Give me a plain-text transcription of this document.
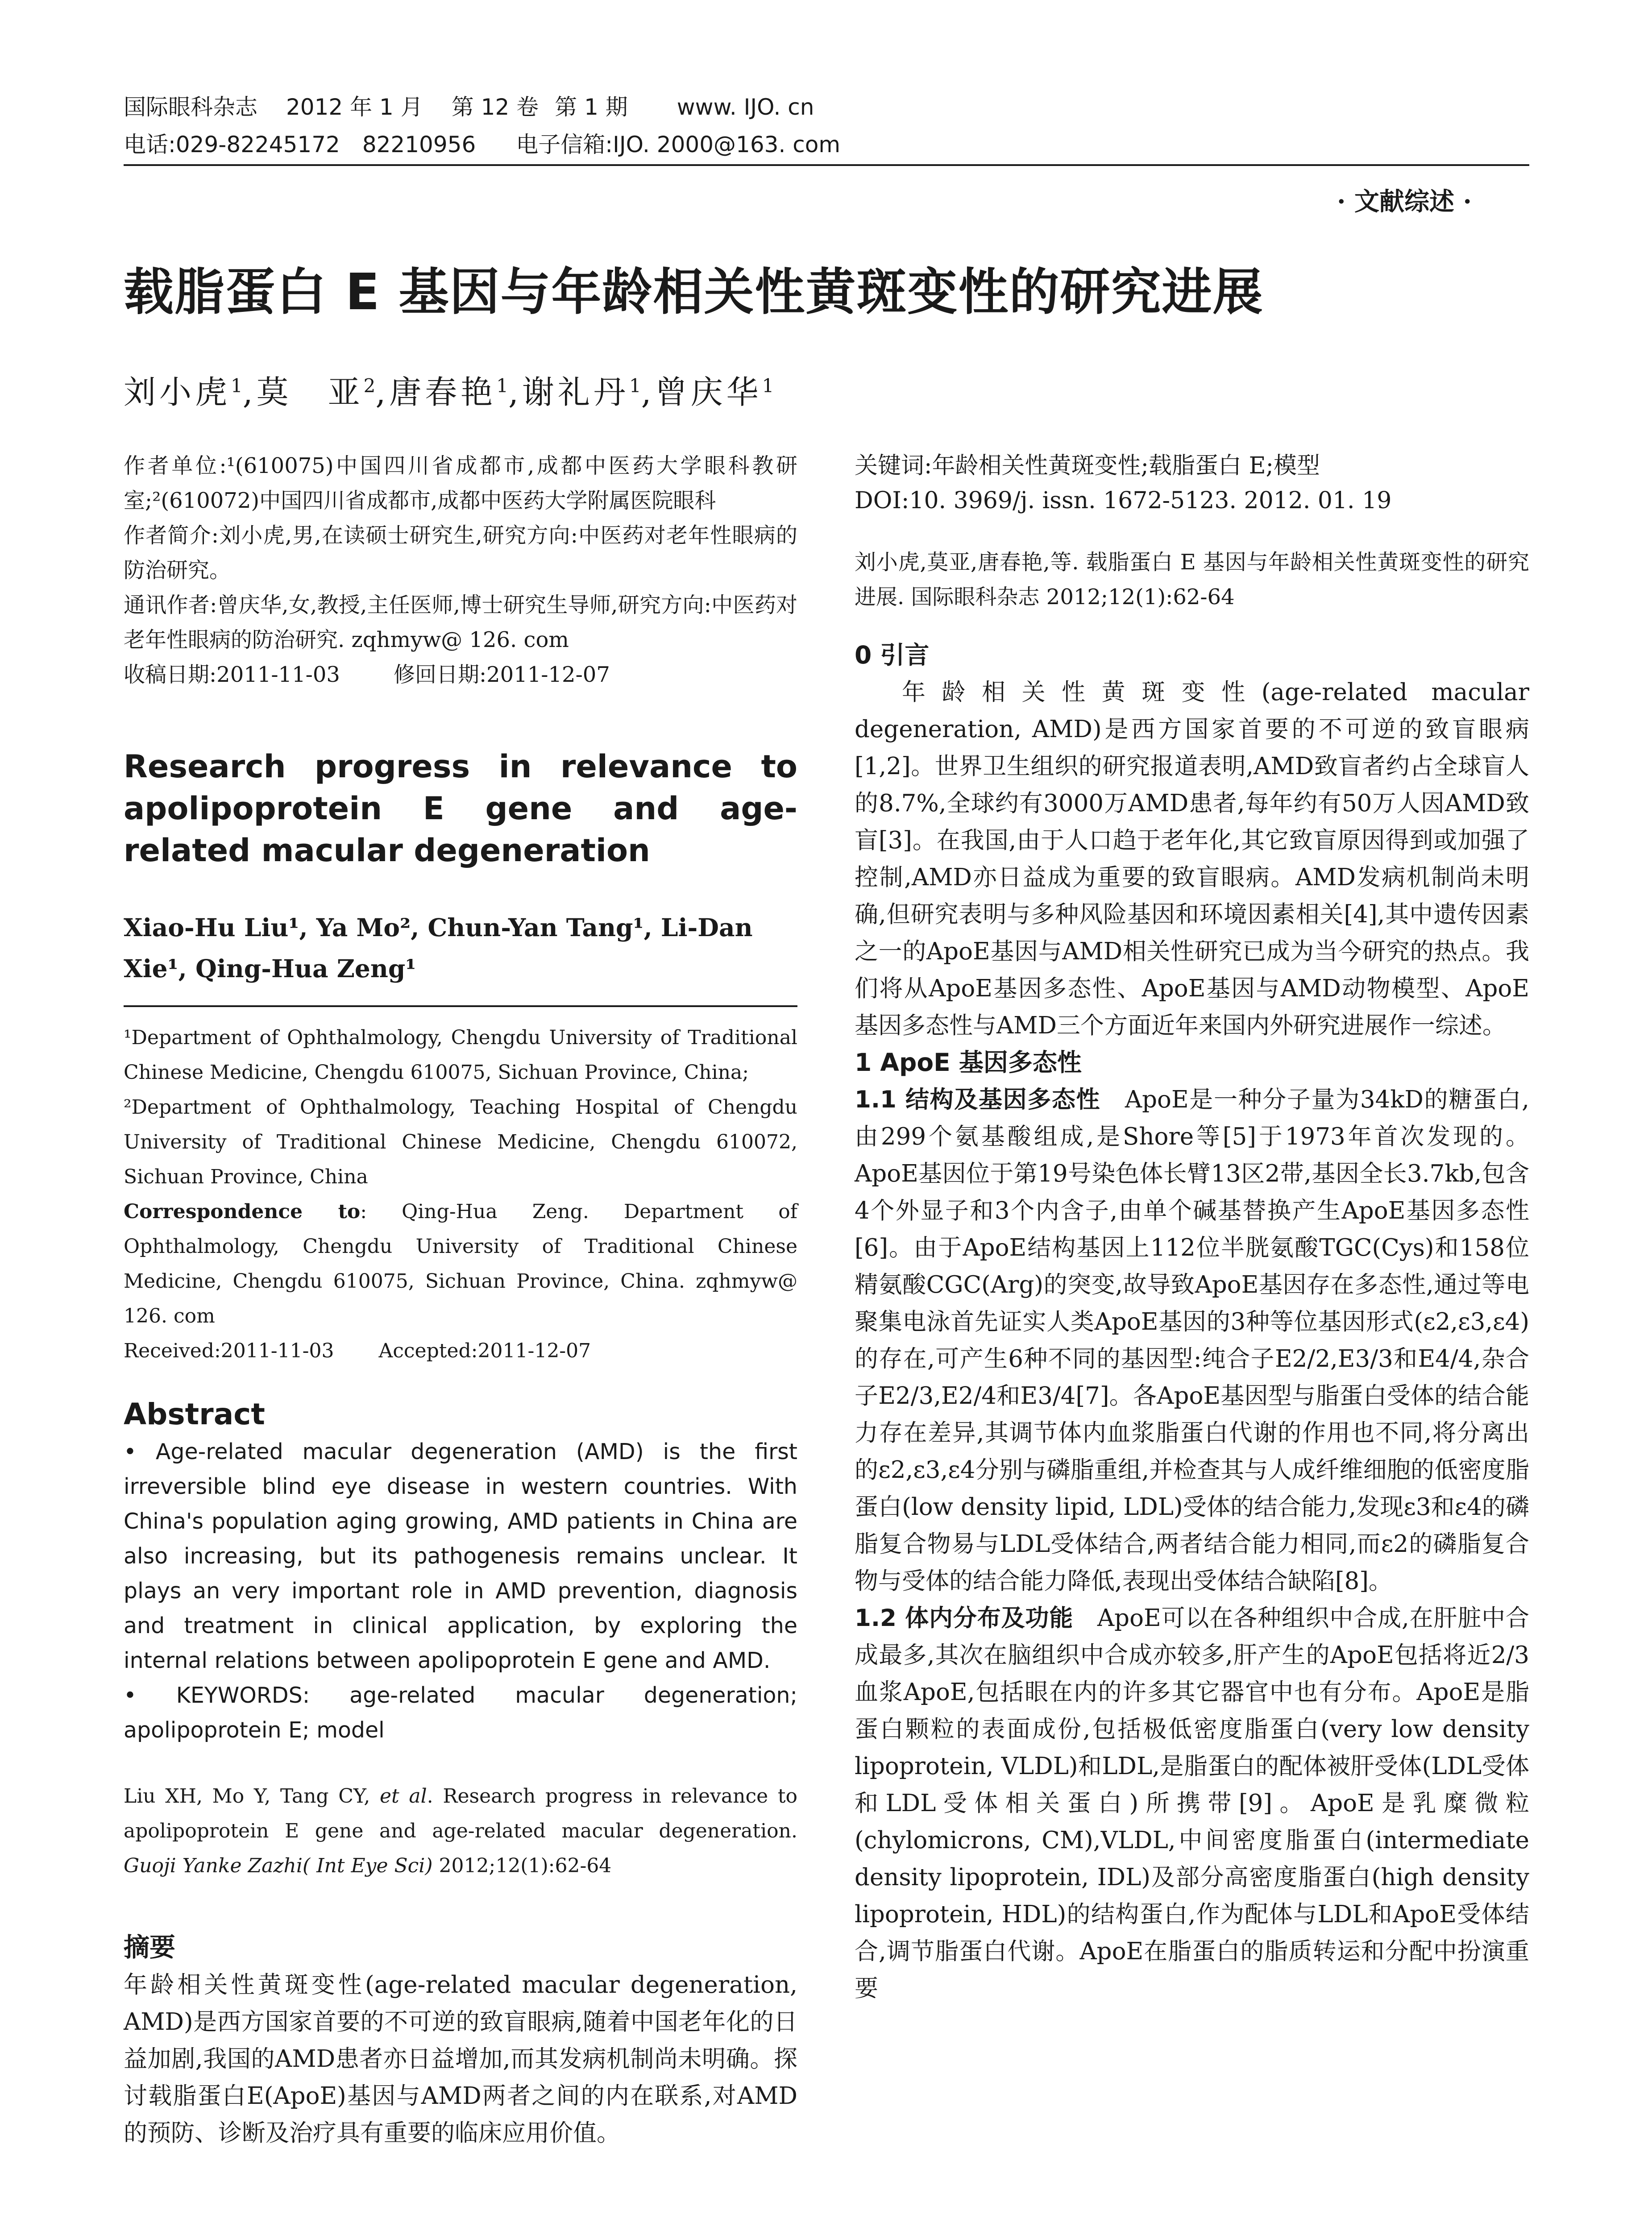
国际眼科杂志 2012 年 1 月 第 12 卷 第 1 期 www. IJO. cn
电话:029-82245172　82210956 电子信箱:IJO. 2000@163. com
· 文献综述 ·
载脂蛋白 E 基因与年龄相关性黄斑变性的研究进展
刘小虎$^1$,莫　亚$^2$,唐春艳$^1$,谢礼丹$^1$,曾庆华$^1$

作者单位:¹(610075)中国四川省成都市,成都中医药大学眼科教研室;²(610072)中国四川省成都市,成都中医药大学附属医院眼科

作者简介:刘小虎,男,在读硕士研究生,研究方向:中医药对老年性眼病的防治研究。

通讯作者:曾庆华,女,教授,主任医师,博士研究生导师,研究方向:中医药对老年性眼病的防治研究. zqhmyw@ 126. com

收稿日期:2011-11-03	修回日期:2011-12-07

Research progress in relevance to apolipoprotein E gene and age-related macular degeneration
Xiao-Hu Liu¹, Ya Mo², Chun-Yan Tang¹, Li-Dan Xie¹, Qing-Hua Zeng¹
¹Department of Ophthalmology, Chengdu University of Traditional Chinese Medicine, Chengdu 610075, Sichuan Province, China;
²Department of Ophthalmology, Teaching Hospital of Chengdu University of Traditional Chinese Medicine, Chengdu 610072, Sichuan Province, China
Correspondence to: Qing-Hua Zeng. Department of Ophthalmology, Chengdu University of Traditional Chinese Medicine, Chengdu 610075, Sichuan Province, China. zqhmyw@ 126. com
Received:2011-11-03 Accepted:2011-12-07
Abstract
• Age-related macular degeneration (AMD) is the first irreversible blind eye disease in western countries. With China's population aging growing, AMD patients in China are also increasing, but its pathogenesis remains unclear. It plays an very important role in AMD prevention, diagnosis and treatment in clinical application, by exploring the internal relations between apolipoprotein E gene and AMD.
• KEYWORDS: age-related macular degeneration; apolipoprotein E; model
Liu XH, Mo Y, Tang CY, et al. Research progress in relevance to apolipoprotein E gene and age-related macular degeneration. Guoji Yanke Zazhi( Int Eye Sci) 2012;12(1):62-64
摘要
年龄相关性黄斑变性(age-related macular degeneration, AMD)是西方国家首要的不可逆的致盲眼病,随着中国老年化的日益加剧,我国的AMD患者亦日益增加,而其发病机制尚未明确。探讨载脂蛋白E(ApoE)基因与AMD两者之间的内在联系,对AMD的预防、诊断及治疗具有重要的临床应用价值。

关键词:年龄相关性黄斑变性;载脂蛋白 E;模型

DOI:10. 3969/j. issn. 1672-5123. 2012. 01. 19

刘小虎,莫亚,唐春艳,等. 载脂蛋白 E 基因与年龄相关性黄斑变性的研究进展. 国际眼科杂志 2012;12(1):62-64

0 引言
年龄相关性黄斑变性(age-related macular degeneration, AMD)是西方国家首要的不可逆的致盲眼病[1,2]。世界卫生组织的研究报道表明,AMD致盲者约占全球盲人的8.7%,全球约有3000万AMD患者,每年约有50万人因AMD致盲[3]。在我国,由于人口趋于老年化,其它致盲原因得到或加强了控制,AMD亦日益成为重要的致盲眼病。AMD发病机制尚未明确,但研究表明与多种风险基因和环境因素相关[4],其中遗传因素之一的ApoE基因与AMD相关性研究已成为当今研究的热点。我们将从ApoE基因多态性、ApoE基因与AMD动物模型、ApoE基因多态性与AMD三个方面近年来国内外研究进展作一综述。
1 ApoE 基因多态性
1.1 结构及基因多态性　 ApoE是一种分子量为34kD的糖蛋白,由299个氨基酸组成,是Shore等[5]于1973年首次发现的。ApoE基因位于第19号染色体长臂13区2带,基因全长3.7kb,包含4个外显子和3个内含子,由单个碱基替换产生ApoE基因多态性[6]。由于ApoE结构基因上112位半胱氨酸TGC(Cys)和158位精氨酸CGC(Arg)的突变,故导致ApoE基因存在多态性,通过等电聚集电泳首先证实人类ApoE基因的3种等位基因形式(ε2,ε3,ε4)的存在,可产生6种不同的基因型:纯合子E2/2,E3/3和E4/4,杂合子E2/3,E2/4和E3/4[7]。各ApoE基因型与脂蛋白受体的结合能力存在差异,其调节体内血浆脂蛋白代谢的作用也不同,将分离出的ε2,ε3,ε4分别与磷脂重组,并检查其与人成纤维细胞的低密度脂蛋白(low density lipid, LDL)受体的结合能力,发现ε3和ε4的磷脂复合物易与LDL受体结合,两者结合能力相同,而ε2的磷脂复合物与受体的结合能力降低,表现出受体结合缺陷[8]。
1.2 体内分布及功能　 ApoE可以在各种组织中合成,在肝脏中合成最多,其次在脑组织中合成亦较多,肝产生的ApoE包括将近2/3血浆ApoE,包括眼在内的许多其它器官中也有分布。ApoE是脂蛋白颗粒的表面成份,包括极低密度脂蛋白(very low density lipoprotein, VLDL)和LDL,是脂蛋白的配体被肝受体(LDL受体和LDL受体相关蛋白)所携带[9]。ApoE是乳糜微粒(chylomicrons, CM),VLDL,中间密度脂蛋白(intermediate density lipoprotein, IDL)及部分高密度脂蛋白(high density lipoprotein, HDL)的结构蛋白,作为配体与LDL和ApoE受体结合,调节脂蛋白代谢。ApoE在脂蛋白的脂质转运和分配中扮演重要
